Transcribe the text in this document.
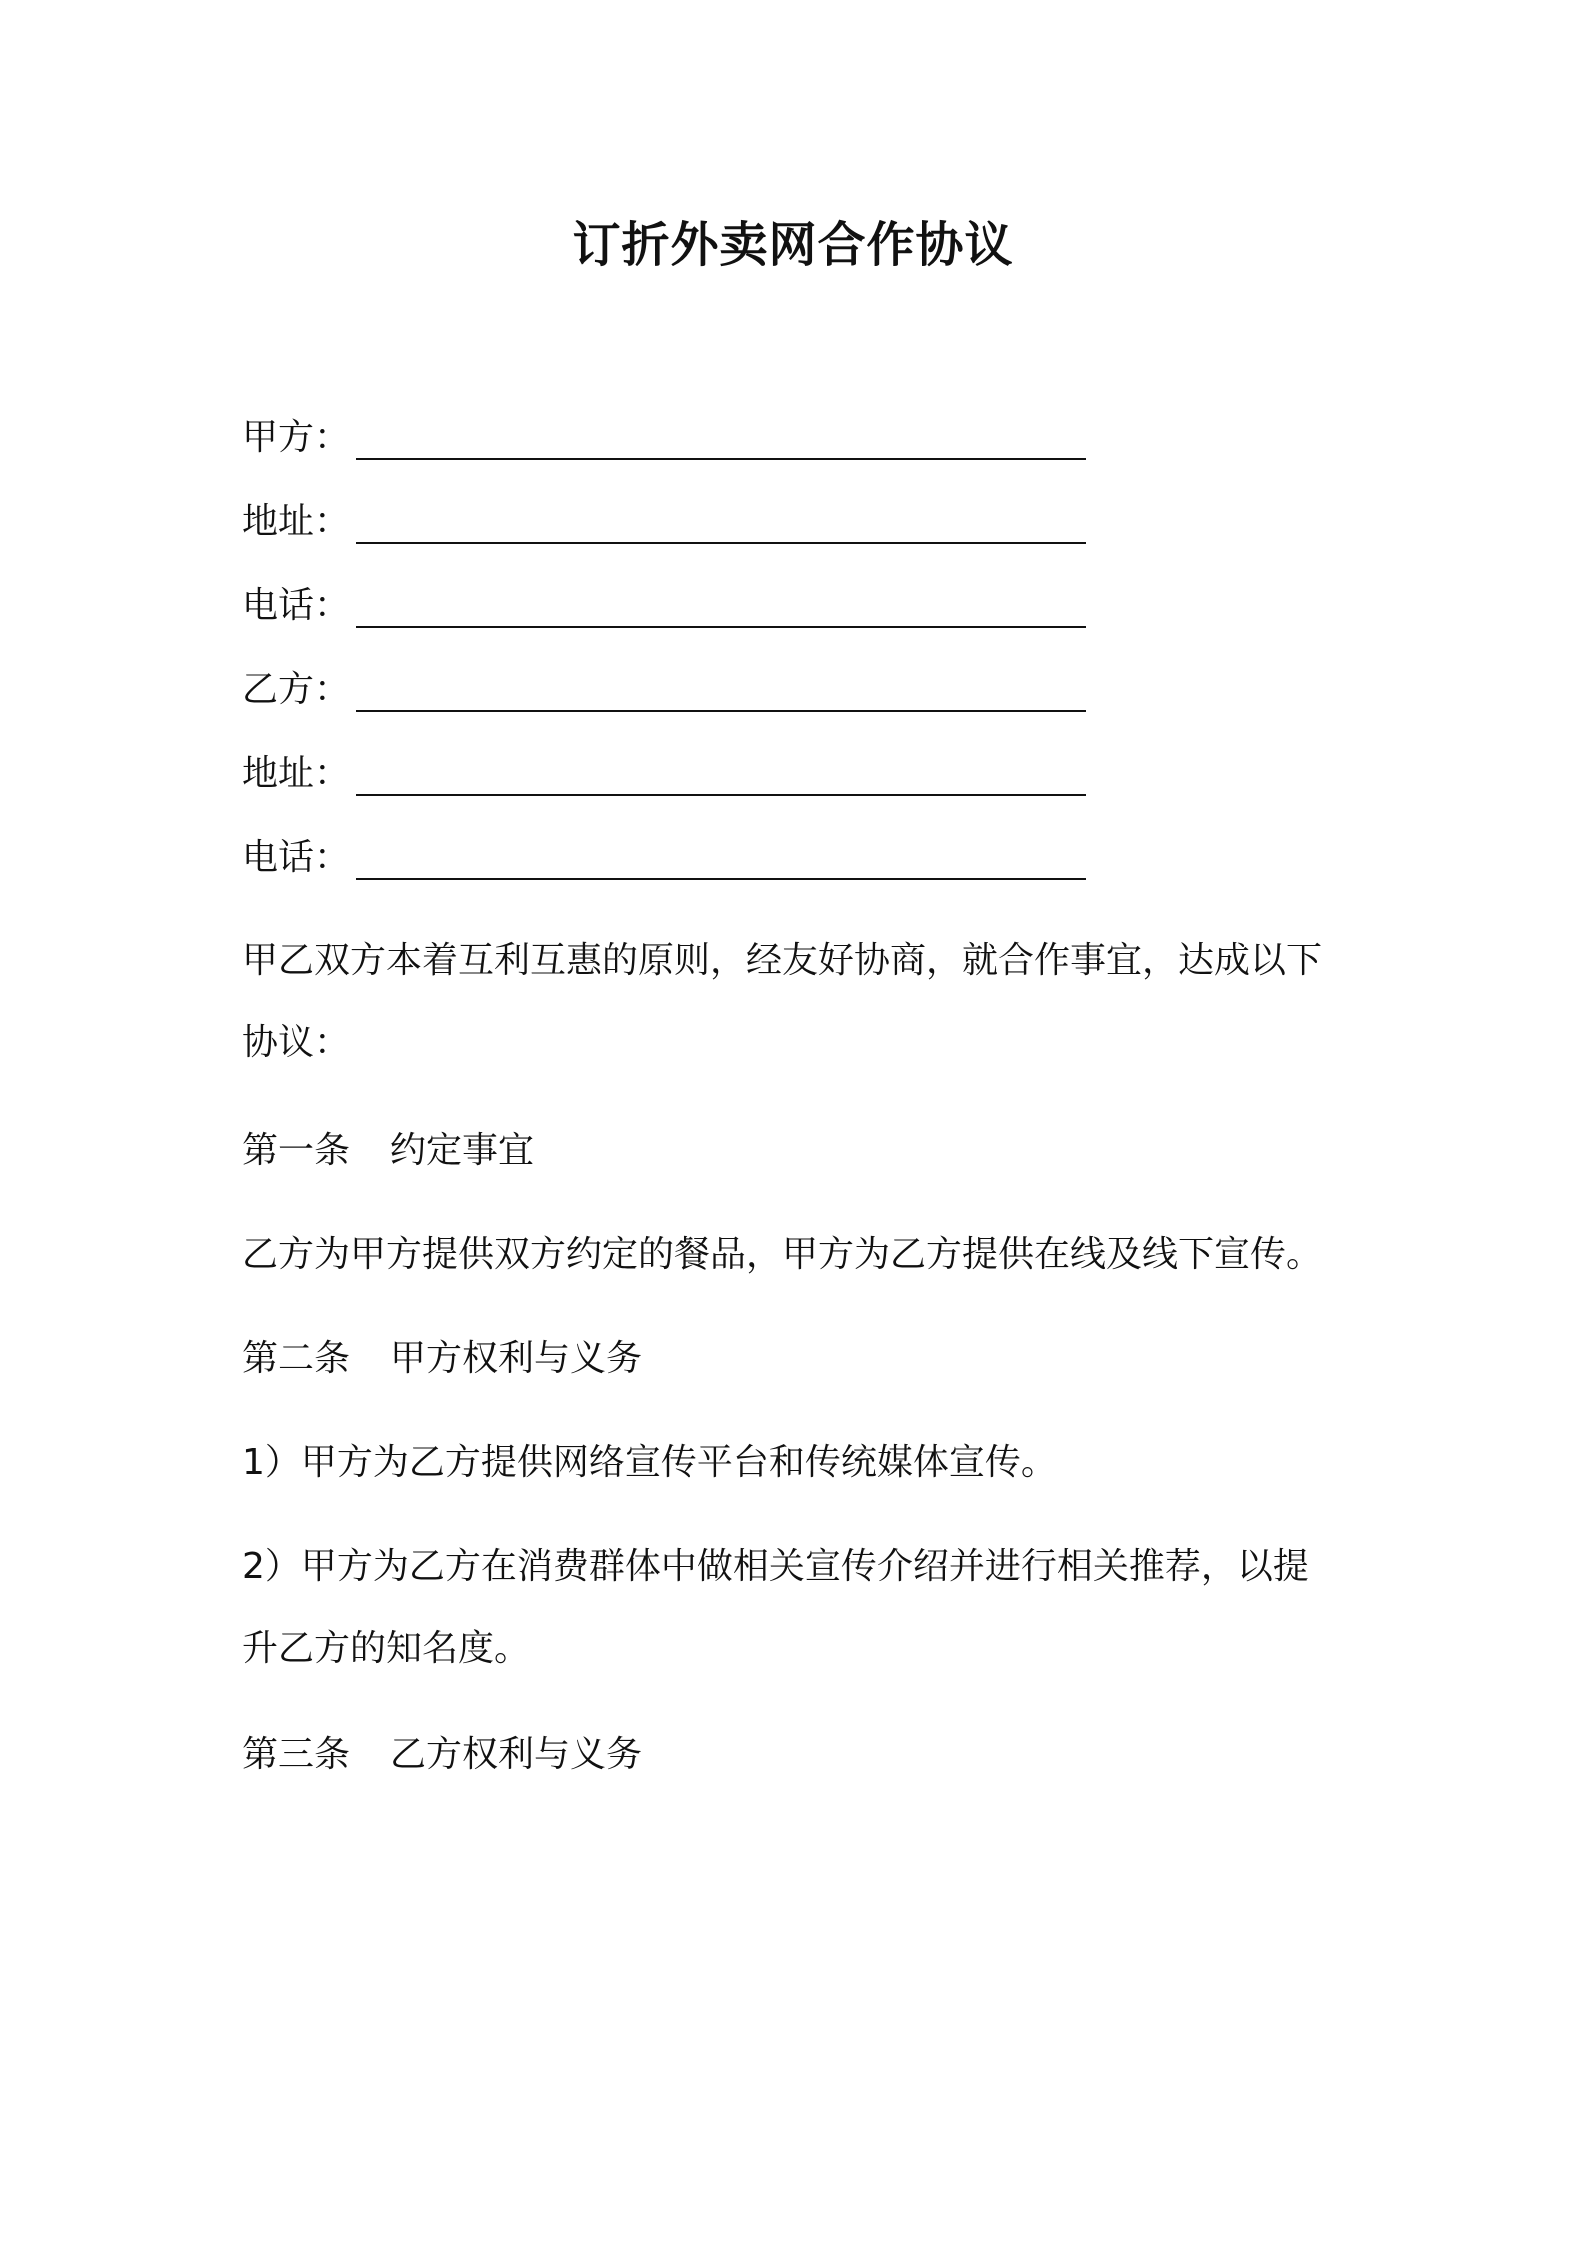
订折外卖网合作协议
甲方：
地址：
电话：
乙方：
地址：
电话：
甲乙双方本着互利互惠的原则，经友好协商，就合作事宜，达成以下
协议：
第一条 约定事宜
乙方为甲方提供双方约定的餐品，甲方为乙方提供在线及线下宣传。
第二条 甲方权利与义务
1）甲方为乙方提供网络宣传平台和传统媒体宣传。
2）甲方为乙方在消费群体中做相关宣传介绍并进行相关推荐，以提
升乙方的知名度。
第三条 乙方权利与义务
